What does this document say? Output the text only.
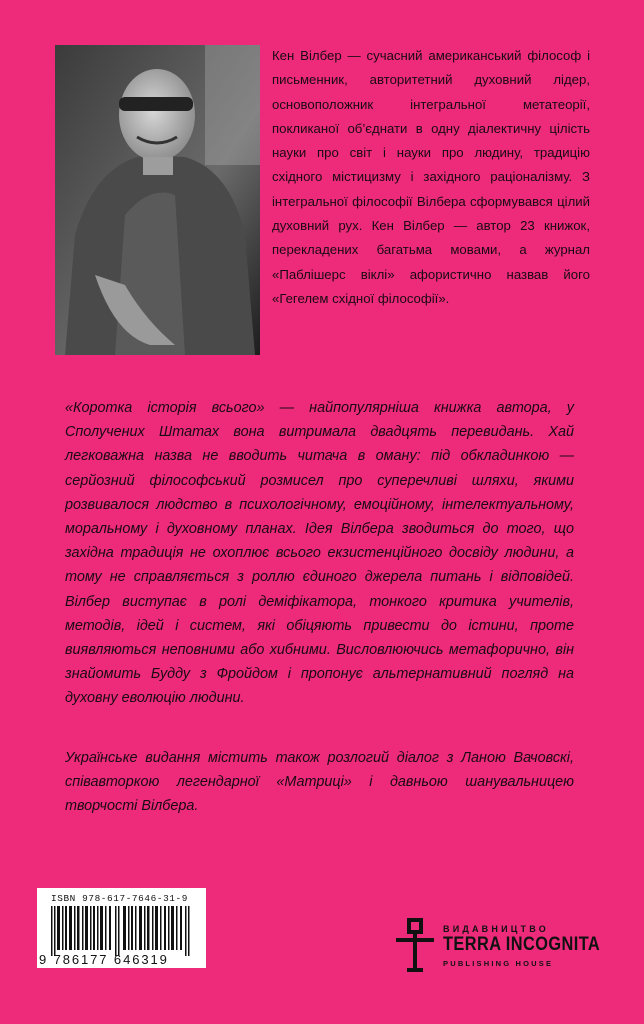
Кен Вілбер — сучасний американський філософ і письменник, авторитетний духовний лідер, основоположник інтегральної метатеорії, покликаної об’єднати в одну діалектичну цілість науки про світ і науки про людину, традицію східного містицизму і західного раціоналізму. З інтегральної філософії Вілбера сформувався цілий духовний рух. Кен Вілбер — автор 23 книжок, перекладених багатьма мовами, а журнал «Паблішерс віклі» афористично назвав його «Гегелем східної філософії».

«Коротка історія всього» — найпопулярніша книжка автора, у Сполучених Штатах вона витримала двадцять перевидань. Хай легковажна назва не вводить читача в оману: під обкладинкою — серйозний філософський розмисел про суперечливі шляхи, якими розвивалося людство в психологічному, емоційному, інтелектуальному, моральному і духовному планах. Ідея Вілбера зводиться до того, що західна традиція не охоплює всього екзистенційного досвіду людини, а тому не справляється з роллю єдиного джерела питань і відповідей. Вілбер виступає в ролі деміфікатора, тонкого критика учителів, методів, ідей і систем, які обіцяють привести до істини, проте виявляються неповними або хибними. Висловлюючись метафорично, він знайомить Будду з Фройдом і пропонує альтернативний погляд на духовну еволюцію людини.

Українське видання містить також розлогий діалог з Ланою Вачовскі, співавторкою легендарної «Матриці» і давньою шанувальницею творчості Вілбера.

ISBN 978-617-7646-31-9
9 786177 646319
ВИДАВНИЦТВО
TERRA INCOGNITA
PUBLISHING HOUSE
